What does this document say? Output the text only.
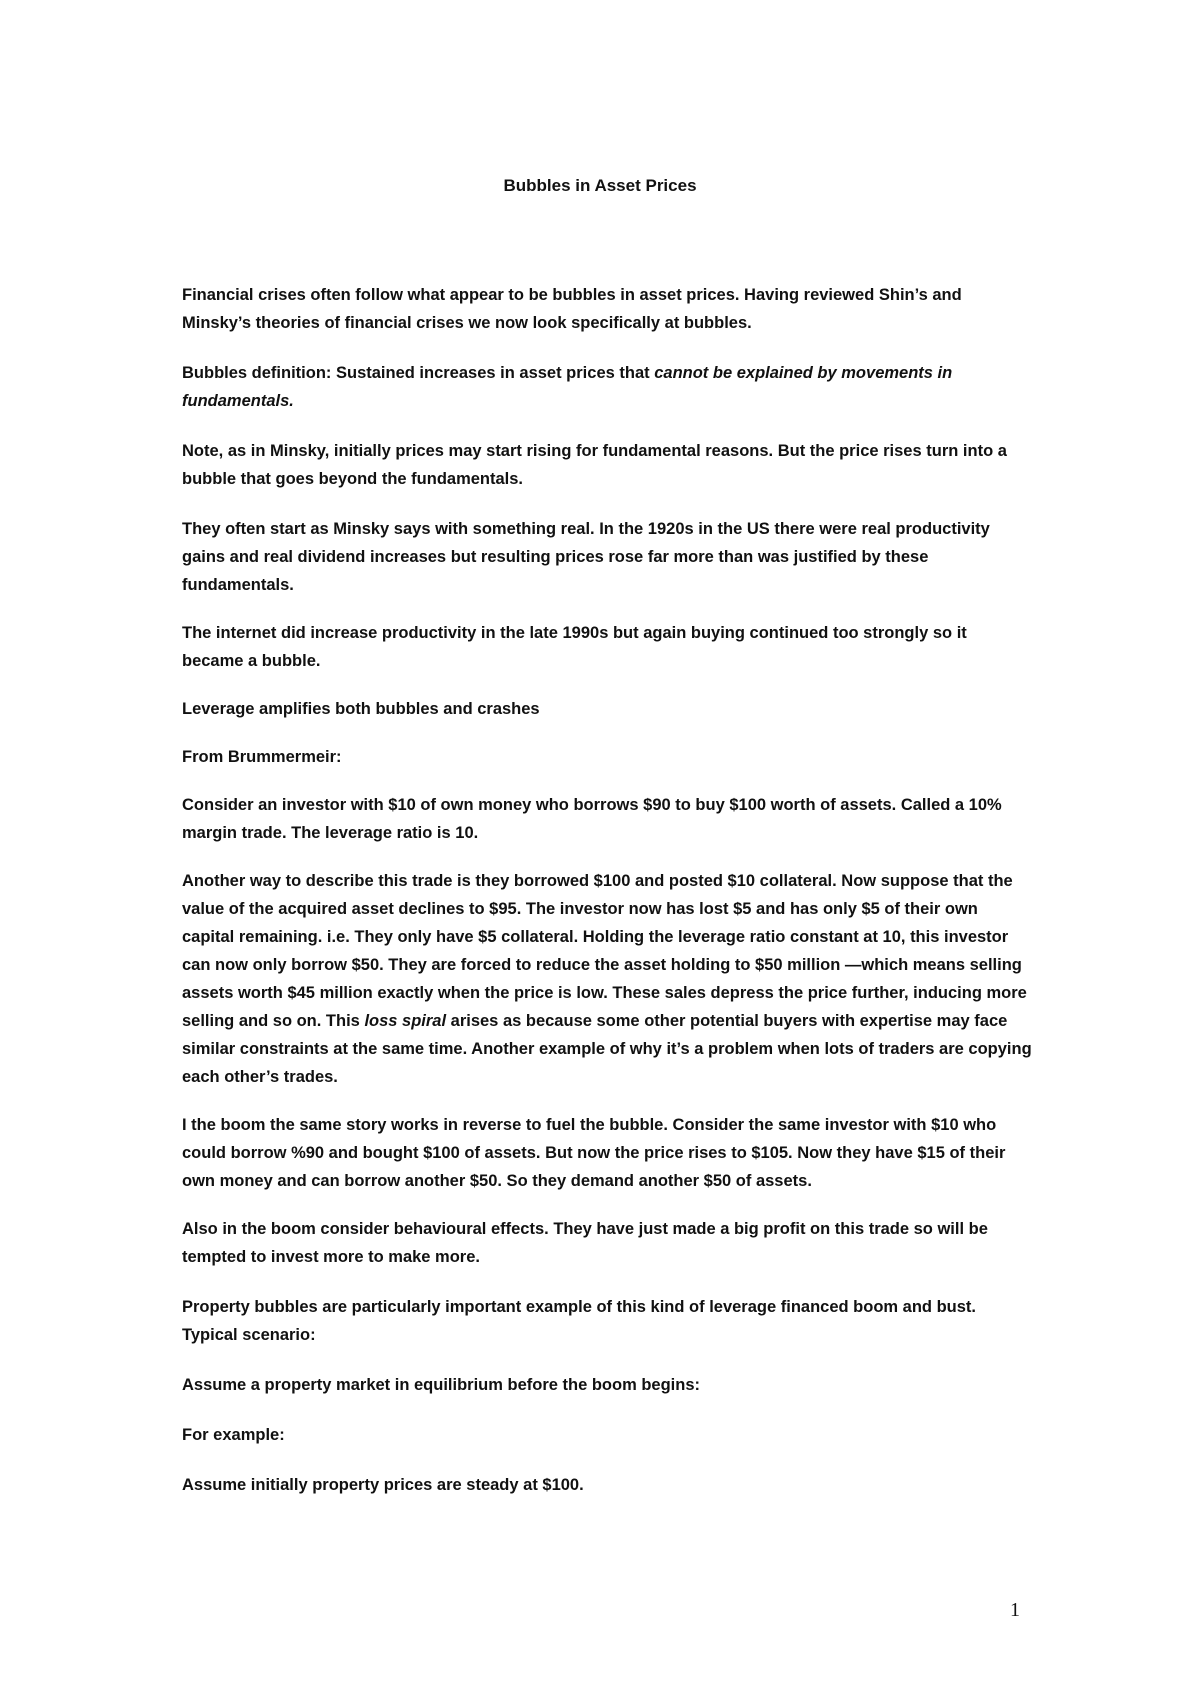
Bubbles in Asset Prices

Financial crises often follow what appear to be bubbles in asset prices. Having reviewed Shin’s and Minsky’s theories of financial crises we now look specifically at bubbles.

Bubbles definition: Sustained increases in asset prices that cannot be explained by movements in fundamentals.

Note, as in Minsky, initially prices may start rising for fundamental reasons. But the price rises turn into a bubble that goes beyond the fundamentals.

They often start as Minsky says with something real. In the 1920s in the US there were real productivity gains and real dividend increases but resulting prices rose far more than was justified by these fundamentals.

The internet did increase productivity in the late 1990s but again buying continued too strongly so it became a bubble.

Leverage amplifies both bubbles and crashes

From Brummermeir:

Consider an investor with $10 of own money who borrows $90 to buy $100 worth of assets. Called a 10% margin trade. The leverage ratio is 10.

Another way to describe this trade is they borrowed $100 and posted $10 collateral. Now suppose that the value of the acquired asset declines to $95. The investor now has lost $5 and has only $5 of their own capital remaining. i.e. They only have $5 collateral. Holding the leverage ratio constant at 10, this investor can now only borrow $50. They are forced to reduce the asset holding to $50 million —which means selling assets worth $45 million exactly when the price is low. These sales depress the price further, inducing more selling and so on. This loss spiral arises as because some other potential buyers with expertise may face similar constraints at the same time. Another example of why it’s a problem when lots of traders are copying each other’s trades.

I the boom the same story works in reverse to fuel the bubble. Consider the same investor with $10 who could borrow %90 and bought $100 of assets. But now the price rises to $105. Now they have $15 of their own money and can borrow another $50. So they demand another $50 of assets.

Also in the boom consider behavioural effects. They have just made a big profit on this trade so will be tempted to invest more to make more.

Property bubbles are particularly important example of this kind of leverage financed boom and bust.
Typical scenario:

Assume a property market in equilibrium before the boom begins:

For example:

Assume initially property prices are steady at $100.

1
